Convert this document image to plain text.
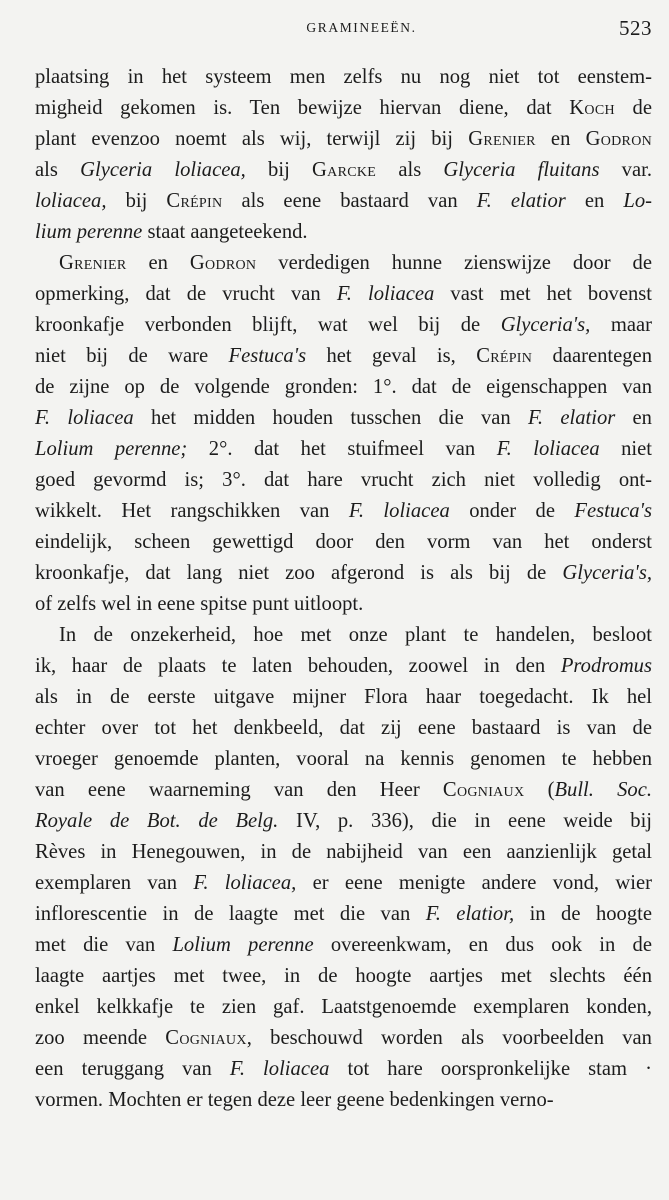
GRAMINEEËN.	523
plaatsing in het systeem men zelfs nu nog niet tot eenstem-
migheid gekomen is. Ten bewijze hiervan diene, dat Koch de
plant evenzoo noemt als wij, terwijl zij bij Grenier en Godron
als Glyceria loliacea, bij Garcke als Glyceria fluitans var.
loliacea, bij Crépin als eene bastaard van F. elatior en Lo-
lium perenne staat aangeteekend.
Grenier en Godron verdedigen hunne zienswijze door de
opmerking, dat de vrucht van F. loliacea vast met het bovenst
kroonkafje verbonden blijft, wat wel bij de Glyceria's, maar
niet bij de ware Festuca's het geval is, Crépin daarentegen
de zijne op de volgende gronden: 1°. dat de eigenschappen van
F. loliacea het midden houden tusschen die van F. elatior en
Lolium perenne; 2°. dat het stuifmeel van F. loliacea niet
goed gevormd is; 3°. dat hare vrucht zich niet volledig ont-
wikkelt. Het rangschikken van F. loliacea onder de Festuca's
eindelijk, scheen gewettigd door den vorm van het onderst
kroonkafje, dat lang niet zoo afgerond is als bij de Glyceria's,
of zelfs wel in eene spitse punt uitloopt.
In de onzekerheid, hoe met onze plant te handelen, besloot
ik, haar de plaats te laten behouden, zoowel in den Prodromus
als in de eerste uitgave mijner Flora haar toegedacht. Ik hel
echter over tot het denkbeeld, dat zij eene bastaard is van de
vroeger genoemde planten, vooral na kennis genomen te hebben
van eene waarneming van den Heer Cogniaux (Bull. Soc.
Royale de Bot. de Belg. IV, p. 336), die in eene weide bij
Rèves in Henegouwen, in de nabijheid van een aanzienlijk getal
exemplaren van F. loliacea, er eene menigte andere vond, wier
inflorescentie in de laagte met die van F. elatior, in de hoogte
met die van Lolium perenne overeenkwam, en dus ook in de
laagte aartjes met twee, in de hoogte aartjes met slechts één
enkel kelkkafje te zien gaf. Laatstgenoemde exemplaren konden,
zoo meende Cogniaux, beschouwd worden als voorbeelden van
een teruggang van F. loliacea tot hare oorspronkelijke stam ·
vormen. Mochten er tegen deze leer geene bedenkingen verno-
